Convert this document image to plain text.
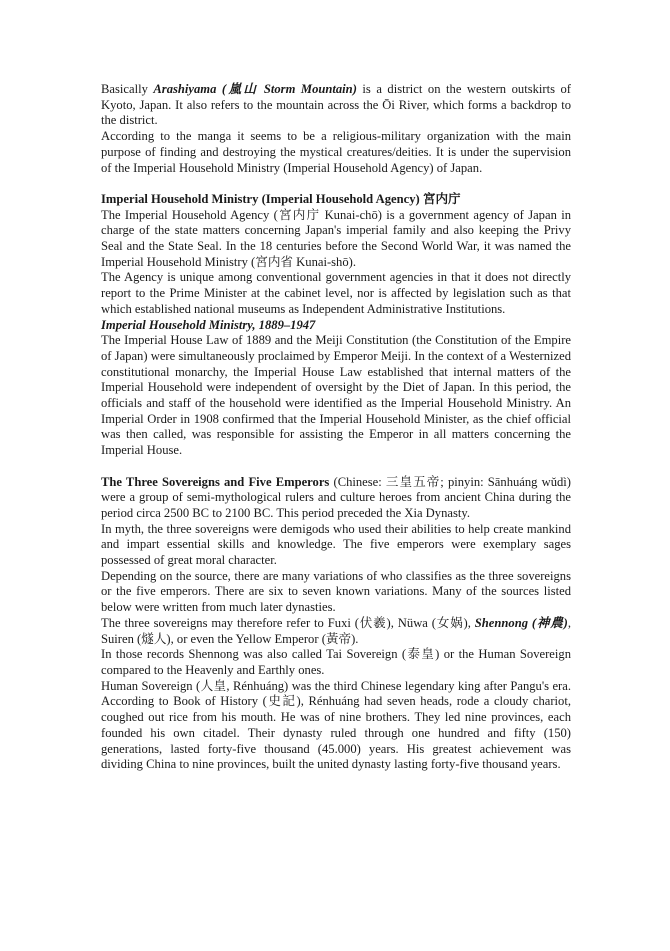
Basically Arashiyama (嵐山 Storm Mountain) is a district on the western outskirts of Kyoto, Japan. It also refers to the mountain across the Ōi River, which forms a backdrop to the district.

According to the manga it seems to be a religious-military organization with the main purpose of finding and destroying the mystical creatures/deities. It is under the supervision of the Imperial Household Ministry (Imperial Household Agency) of Japan.

Imperial Household Ministry (Imperial Household Agency) 宮内庁

The Imperial Household Agency (宮内庁 Kunai-chō) is a government agency of Japan in charge of the state matters concerning Japan's imperial family and also keeping the Privy Seal and the State Seal. In the 18 centuries before the Second World War, it was named the Imperial Household Ministry (宮内省 Kunai-shō).

The Agency is unique among conventional government agencies in that it does not directly report to the Prime Minister at the cabinet level, nor is affected by legislation such as that which established national museums as Independent Administrative Institutions.

Imperial Household Ministry, 1889–1947

The Imperial House Law of 1889 and the Meiji Constitution (the Constitution of the Empire of Japan) were simultaneously proclaimed by Emperor Meiji. In the context of a Westernized constitutional monarchy, the Imperial House Law established that internal matters of the Imperial Household were independent of oversight by the Diet of Japan. In this period, the officials and staff of the household were identified as the Imperial Household Ministry. An Imperial Order in 1908 confirmed that the Imperial Household Minister, as the chief official was then called, was responsible for assisting the Emperor in all matters concerning the Imperial House.

The Three Sovereigns and Five Emperors (Chinese: 三皇五帝; pinyin: Sānhuáng wǔdì) were a group of semi-mythological rulers and culture heroes from ancient China during the period circa 2500 BC to 2100 BC. This period preceded the Xia Dynasty.

In myth, the three sovereigns were demigods who used their abilities to help create mankind and impart essential skills and knowledge. The five emperors were exemplary sages possessed of great moral character.

Depending on the source, there are many variations of who classifies as the three sovereigns or the five emperors. There are six to seven known variations. Many of the sources listed below were written from much later dynasties.

The three sovereigns may therefore refer to Fuxi (伏羲), Nüwa (女娲), Shennong (神農), Suiren (燧人), or even the Yellow Emperor (黃帝).

In those records Shennong was also called Tai Sovereign (泰皇) or the Human Sovereign compared to the Heavenly and Earthly ones.

Human Sovereign (人皇, Rénhuáng) was the third Chinese legendary king after Pangu's era. According to Book of History (史記), Rénhuáng had seven heads, rode a cloudy chariot, coughed out rice from his mouth. He was of nine brothers. They led nine provinces, each founded his own citadel. Their dynasty ruled through one hundred and fifty (150) generations, lasted forty-five thousand (45.000) years. His greatest achievement was dividing China to nine provinces, built the united dynasty lasting forty-five thousand years.
